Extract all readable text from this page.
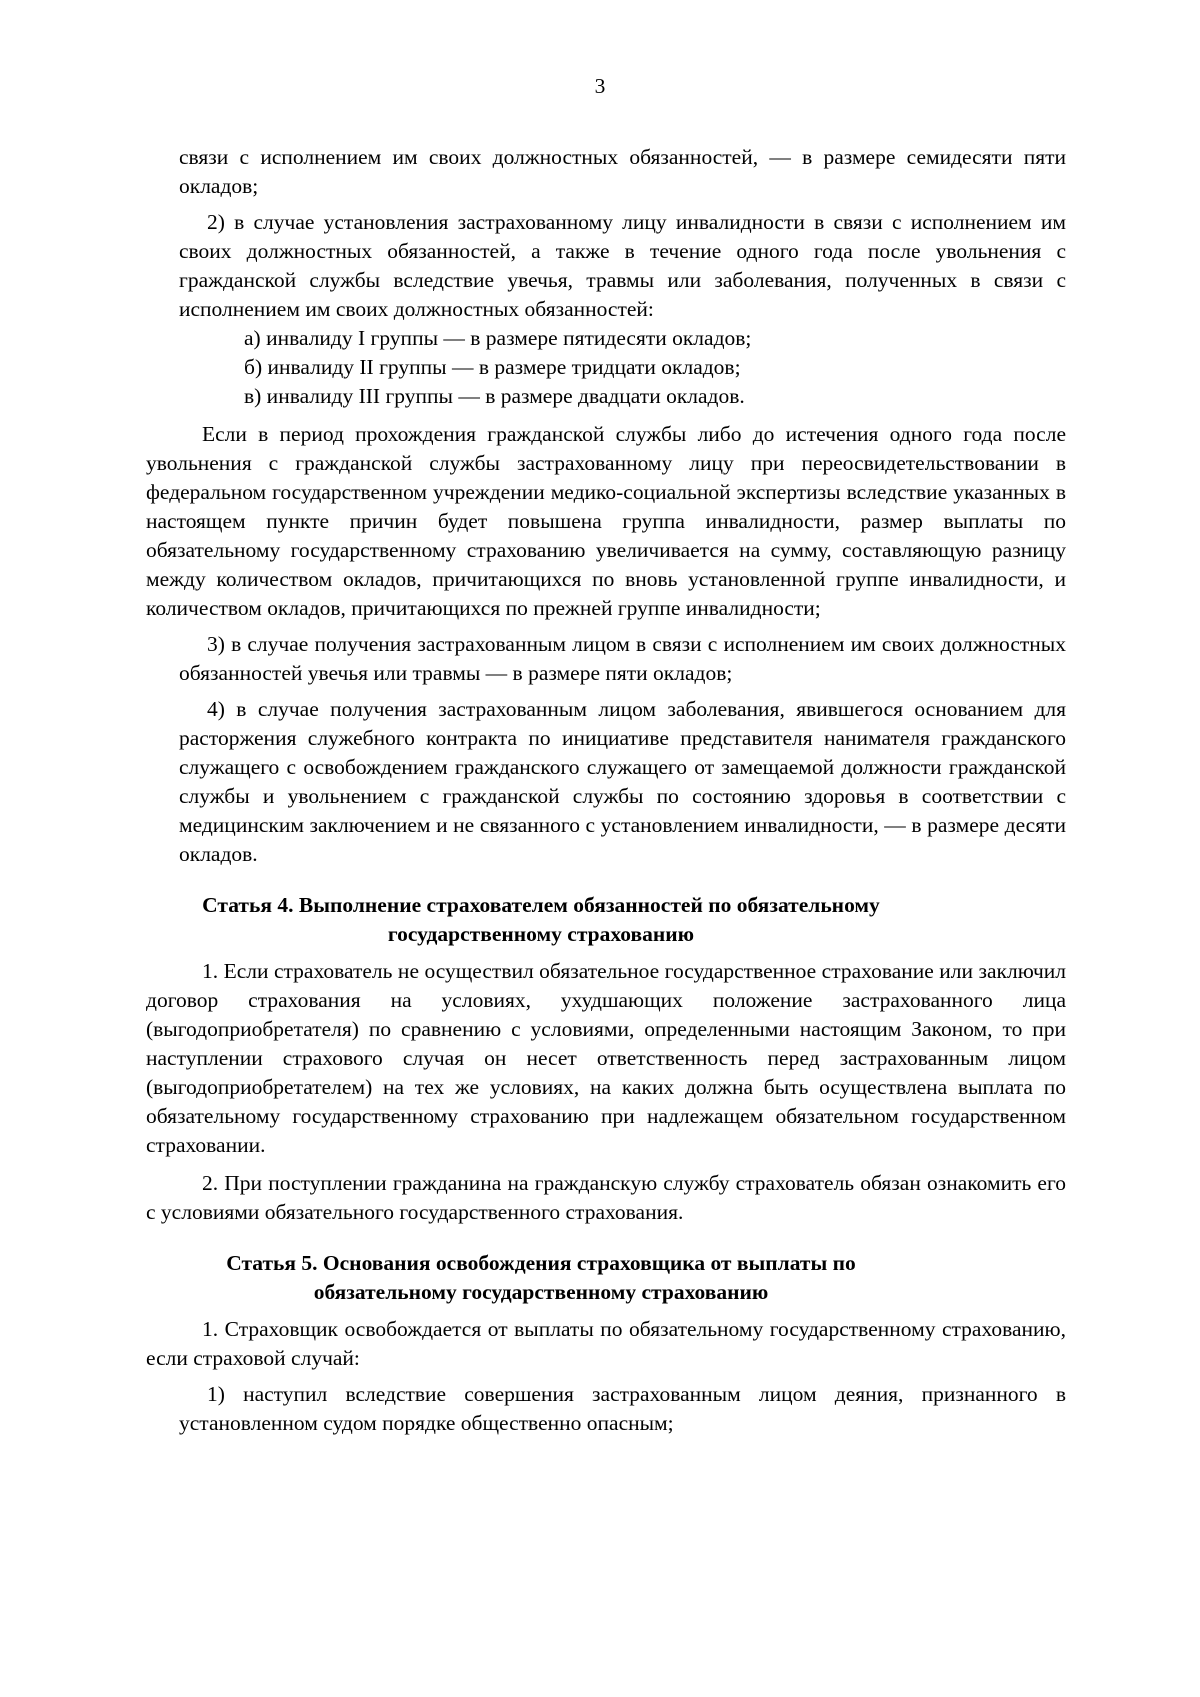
3

связи с исполнением им своих должностных обязанностей, — в размере семидесяти пяти окладов;

2) в случае установления застрахованному лицу инвалидности в связи с исполнением им своих должностных обязанностей, а также в течение одного года после увольнения с гражданской службы вследствие увечья, травмы или заболевания, полученных в связи с исполнением им своих должностных обязанностей:

а) инвалиду I группы — в размере пятидесяти окладов;

б) инвалиду II группы — в размере тридцати окладов;

в) инвалиду III группы — в размере двадцати окладов.

Если в период прохождения гражданской службы либо до истечения одного года после увольнения с гражданской службы застрахованному лицу при переосвидетельствовании в федеральном государственном учреждении медико-социальной экспертизы вследствие указанных в настоящем пункте причин будет повышена группа инвалидности, размер выплаты по обязательному государственному страхованию увеличивается на сумму, составляющую разницу между количеством окладов, причитающихся по вновь установленной группе инвалидности, и количеством окладов, причитающихся по прежней группе инвалидности;

3) в случае получения застрахованным лицом в связи с исполнением им своих должностных обязанностей увечья или травмы — в размере пяти окладов;

4) в случае получения застрахованным лицом заболевания, явившегося основанием для расторжения служебного контракта по инициативе представителя нанимателя гражданского служащего с освобождением гражданского служащего от замещаемой должности гражданской службы и увольнением с гражданской службы по состоянию здоровья в соответствии с медицинским заключением и не связанного с установлением инвалидности, — в размере десяти окладов.

Статья 4. Выполнение страхователем обязанностей по обязательному
государственному страхованию

1. Если страхователь не осуществил обязательное государственное страхование или заключил договор страхования на условиях, ухудшающих положение застрахованного лица (выгодоприобретателя) по сравнению с условиями, определенными настоящим Законом, то при наступлении страхового случая он несет ответственность перед застрахованным лицом (выгодоприобретателем) на тех же условиях, на каких должна быть осуществлена выплата по обязательному государственному страхованию при надлежащем обязательном государственном страховании.

2. При поступлении гражданина на гражданскую службу страхователь обязан ознакомить его с условиями обязательного государственного страхования.

Статья 5. Основания освобождения страховщика от выплаты по
обязательному государственному страхованию

1. Страховщик освобождается от выплаты по обязательному государственному страхованию, если страховой случай:

1) наступил вследствие совершения застрахованным лицом деяния, признанного в установленном судом порядке общественно опасным;
